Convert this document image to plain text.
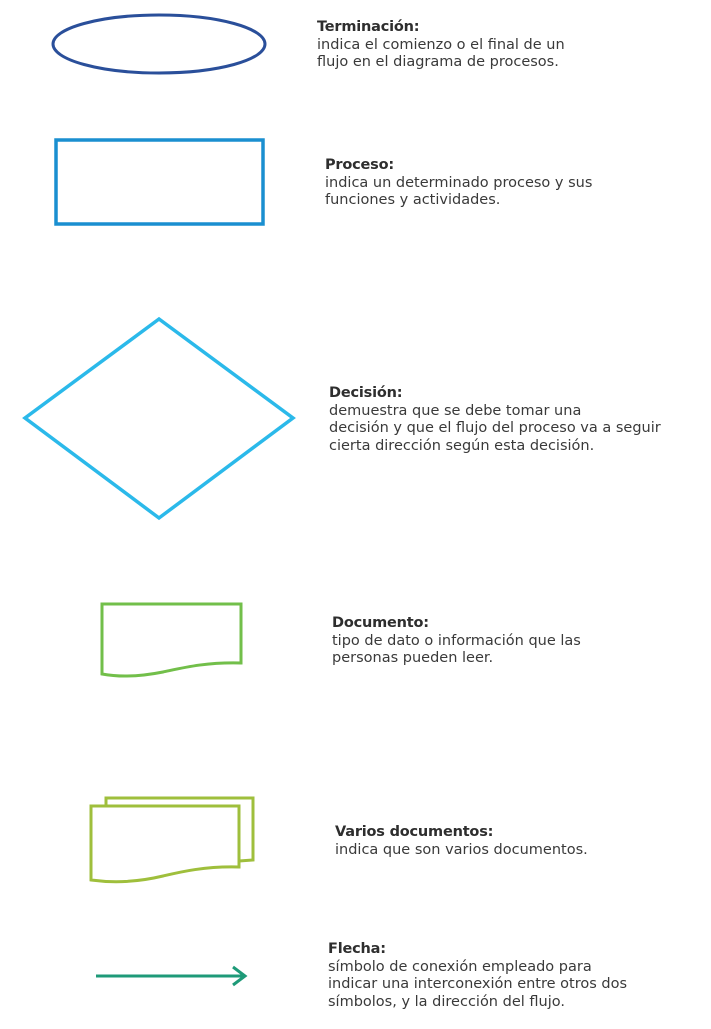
Terminación:
indica el comienzo o el final de un
flujo en el diagrama de procesos.
Proceso:
indica un determinado proceso y sus
funciones y actividades.
Decisión:
demuestra que se debe tomar una
decisión y que el flujo del proceso va a seguir
cierta dirección según esta decisión.
Documento:
tipo de dato o información que las
personas pueden leer.
Varios documentos:
indica que son varios documentos.
Flecha:
símbolo de conexión empleado para
indicar una interconexión entre otros dos
símbolos, y la dirección del flujo.
